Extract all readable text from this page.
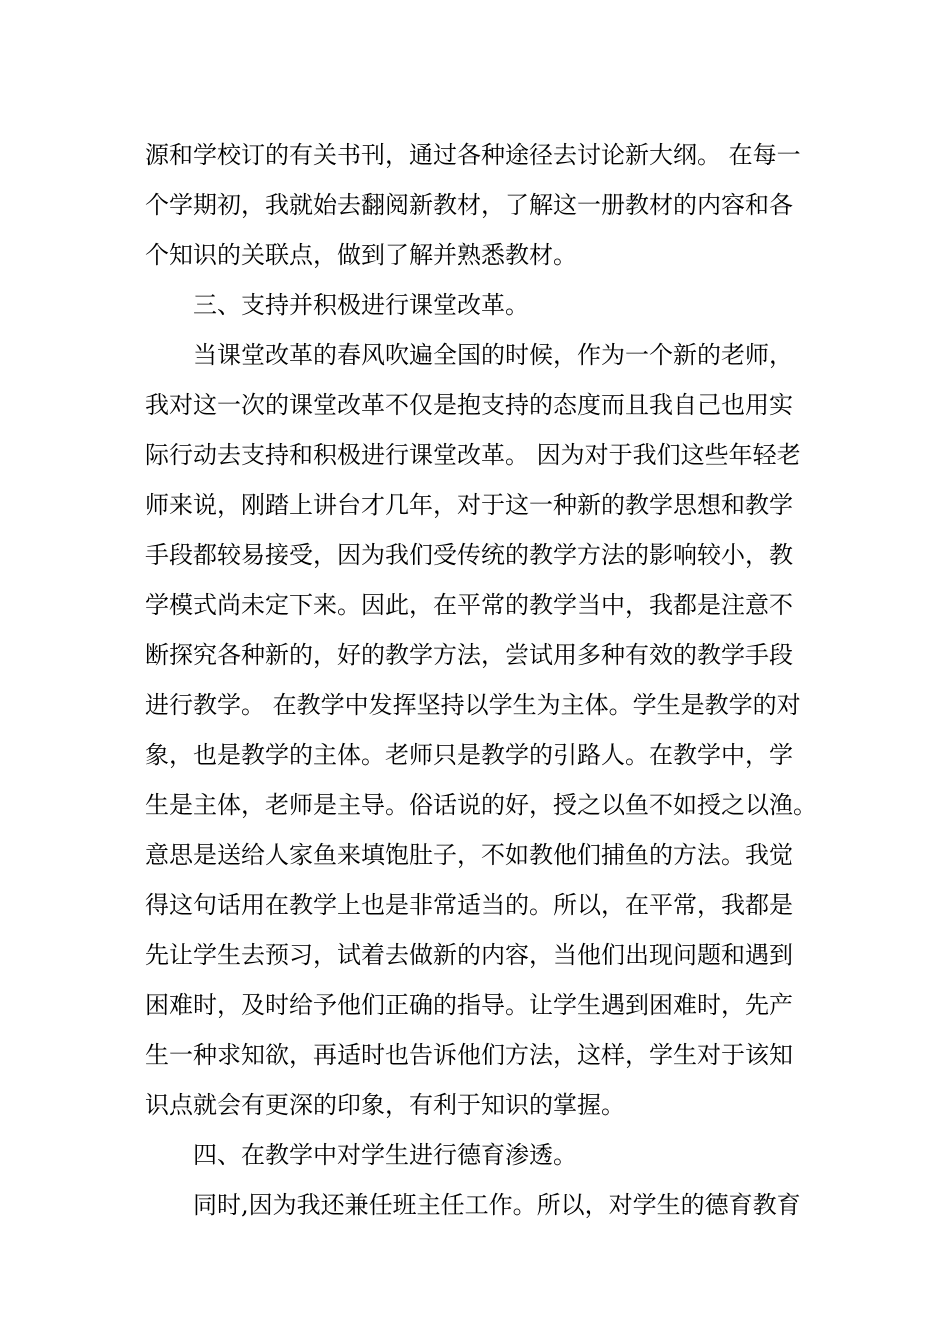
源和学校订的有关书刊，通过各种途径去讨论新大纲。 在每一
个学期初，我就始去翻阅新教材，了解这一册教材的内容和各
个知识的关联点，做到了解并熟悉教材。
三、支持并积极进行课堂改革。
当课堂改革的春风吹遍全国的时候，作为一个新的老师，
我对这一次的课堂改革不仅是抱支持的态度而且我自己也用实
际行动去支持和积极进行课堂改革。 因为对于我们这些年轻老
师来说，刚踏上讲台才几年，对于这一种新的教学思想和教学
手段都较易接受，因为我们受传统的教学方法的影响较小，教
学模式尚未定下来。因此，在平常的教学当中，我都是注意不
断探究各种新的，好的教学方法，尝试用多种有效的教学手段
进行教学。 在教学中发挥坚持以学生为主体。学生是教学的对
象，也是教学的主体。老师只是教学的引路人。在教学中，学
生是主体，老师是主导。俗话说的好，授之以鱼不如授之以渔。
意思是送给人家鱼来填饱肚子，不如教他们捕鱼的方法。我觉
得这句话用在教学上也是非常适当的。所以，在平常，我都是
先让学生去预习，试着去做新的内容，当他们出现问题和遇到
困难时，及时给予他们正确的指导。让学生遇到困难时，先产
生一种求知欲，再适时也告诉他们方法，这样，学生对于该知
识点就会有更深的印象，有利于知识的掌握。
四、在教学中对学生进行德育渗透。
同时,因为我还兼任班主任工作。所以，对学生的德育教育
